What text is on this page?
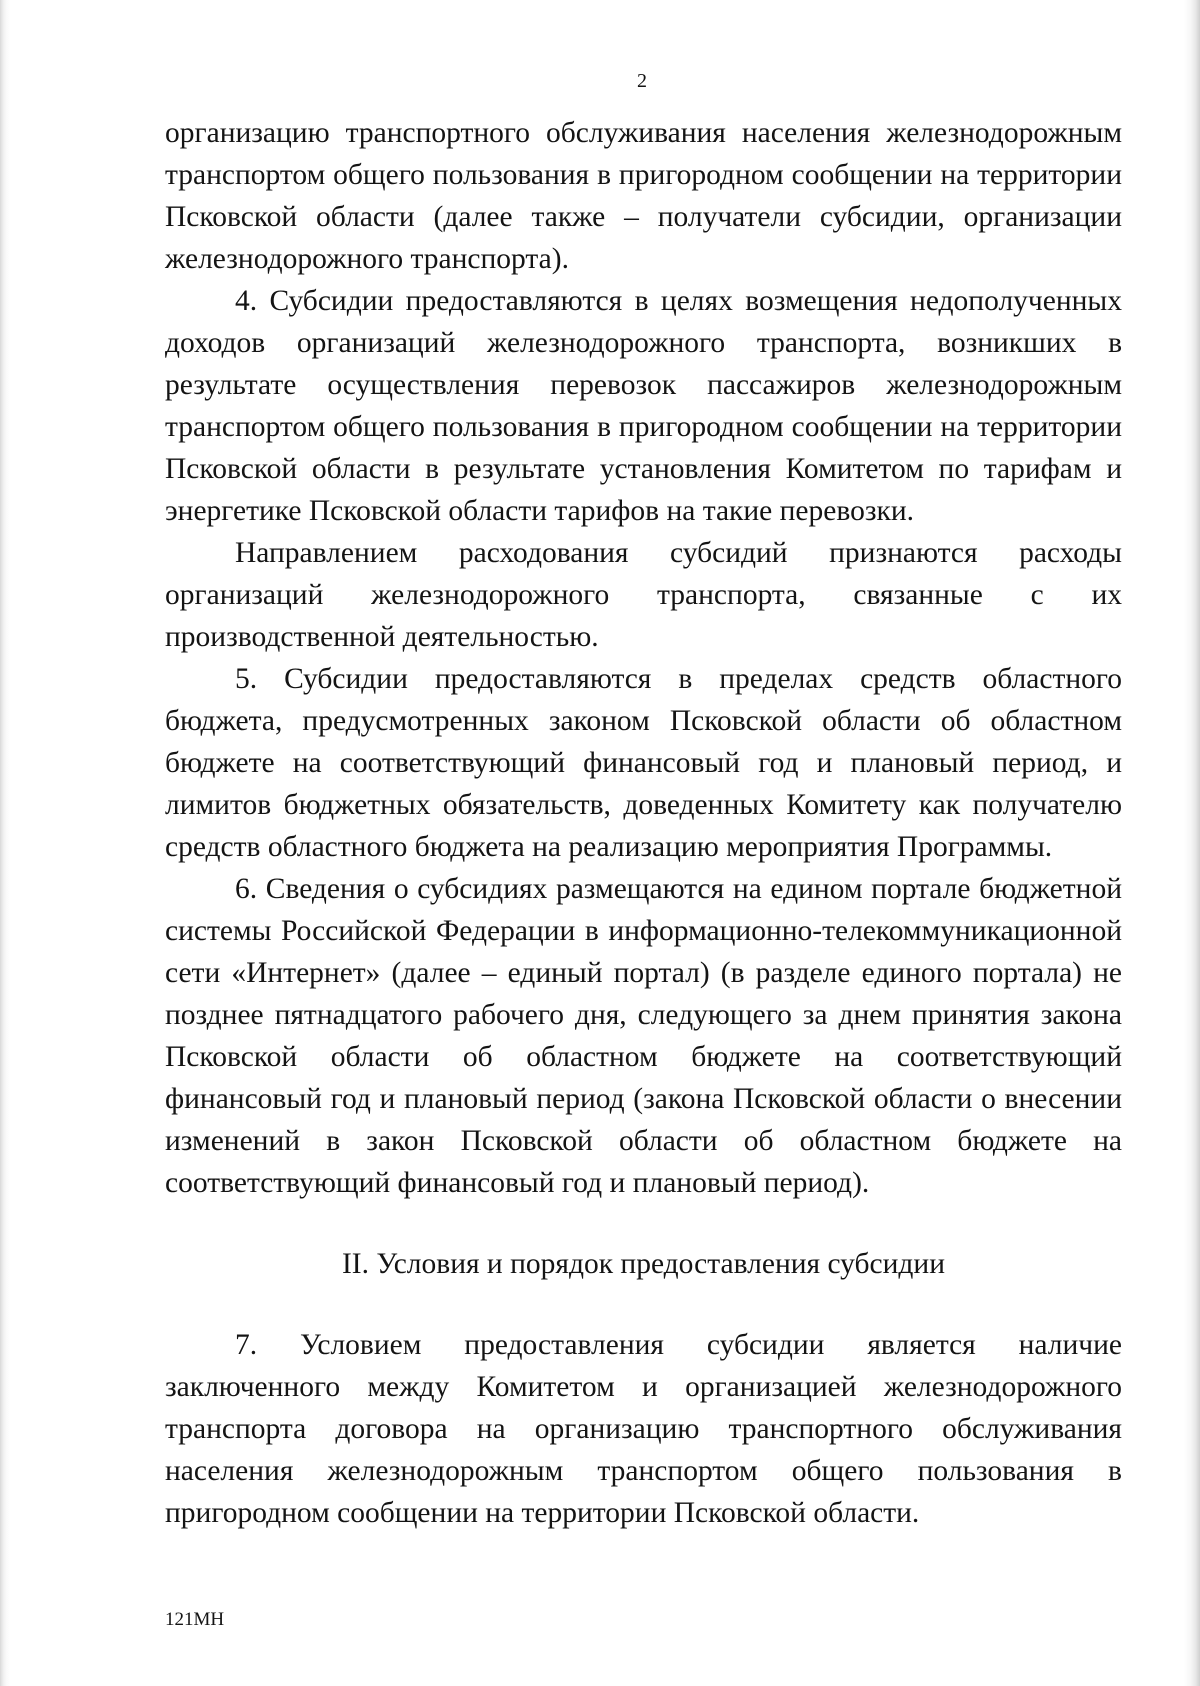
2

организацию транспортного обслуживания населения железнодорожным транспортом общего пользования в пригородном сообщении на территории Псковской области (далее также – получатели субсидии, организации железнодорожного транспорта).

4. Субсидии предоставляются в целях возмещения недополученных доходов организаций железнодорожного транспорта, возникших в результате осуществления перевозок пассажиров железнодорожным транспортом общего пользования в пригородном сообщении на территории Псковской области в результате установления Комитетом по тарифам и энергетике Псковской области тарифов на такие перевозки.

Направлением расходования субсидий признаются расходы организаций железнодорожного транспорта, связанные с их производственной деятельностью.

5. Субсидии предоставляются в пределах средств областного бюджета, предусмотренных законом Псковской области об областном бюджете на соответствующий финансовый год и плановый период, и лимитов бюджетных обязательств, доведенных Комитету как получателю средств областного бюджета на реализацию мероприятия Программы.

6. Сведения о субсидиях размещаются на едином портале бюджетной системы Российской Федерации в информационно-телекоммуникационной сети «Интернет» (далее – единый портал) (в разделе единого портала) не позднее пятнадцатого рабочего дня, следующего за днем принятия закона Псковской области об областном бюджете на соответствующий финансовый год и плановый период (закона Псковской области о внесении изменений в закон Псковской области об областном бюджете на соответствующий финансовый год и плановый период).

II. Условия и порядок предоставления субсидии

7. Условием предоставления субсидии является наличие заключенного между Комитетом и организацией железнодорожного транспорта договора на организацию транспортного обслуживания населения железнодорожным транспортом общего пользования в пригородном сообщении на территории Псковской области.

121МН
